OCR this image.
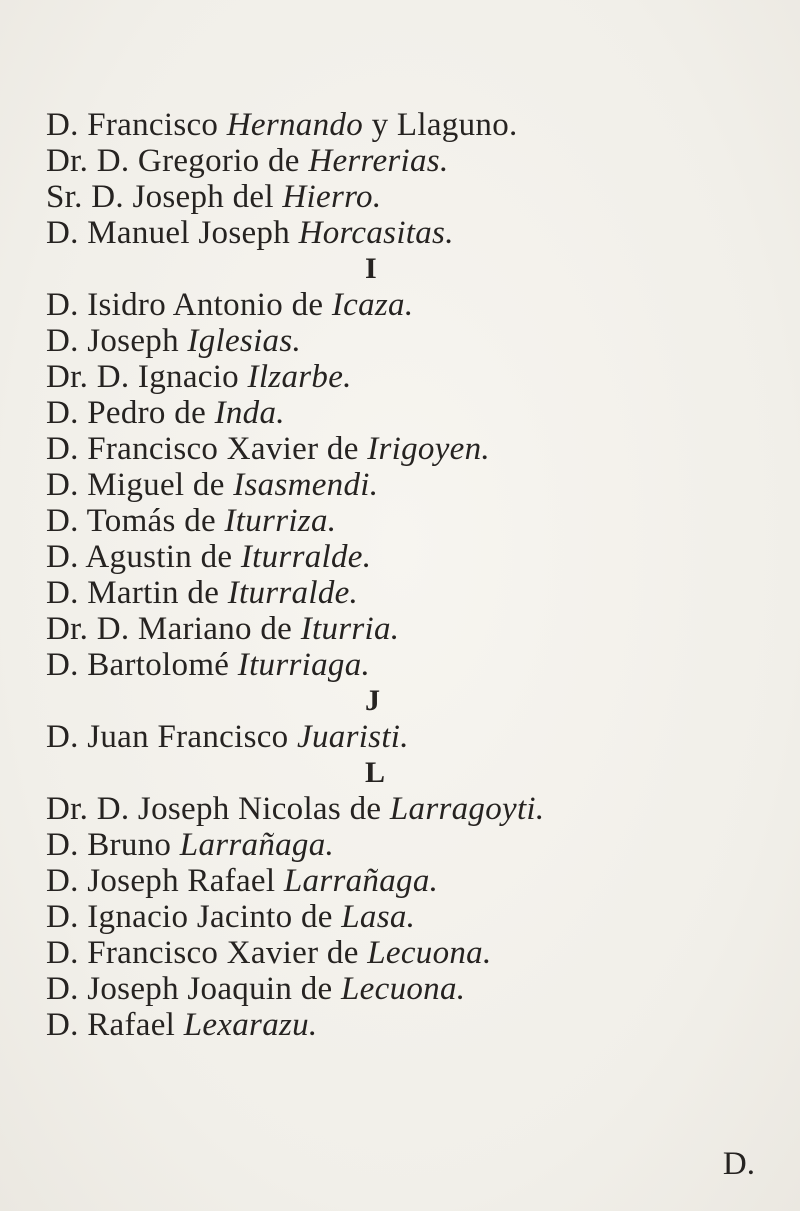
D. Francisco Hernando y Llaguno.
Dr. D. Gregorio de Herrerias.
Sr. D. Joseph del Hierro.
D. Manuel Joseph Horcasitas.
I
D. Isidro Antonio de Icaza.
D. Joseph Iglesias.
Dr. D. Ignacio Ilzarbe.
D. Pedro de Inda.
D. Francisco Xavier de Irigoyen.
D. Miguel de Isasmendi.
D. Tomás de Iturriza.
D. Agustin de Iturralde.
D. Martin de Iturralde.
Dr. D. Mariano de Iturria.
D. Bartolomé Iturriaga.
J
D. Juan Francisco Juaristi.
L
Dr. D. Joseph Nicolas de Larragoyti.
D. Bruno Larrañaga.
D. Joseph Rafael Larrañaga.
D. Ignacio Jacinto de Lasa.
D. Francisco Xavier de Lecuona.
D. Joseph Joaquin de Lecuona.
D. Rafael Lexarazu.
D.
